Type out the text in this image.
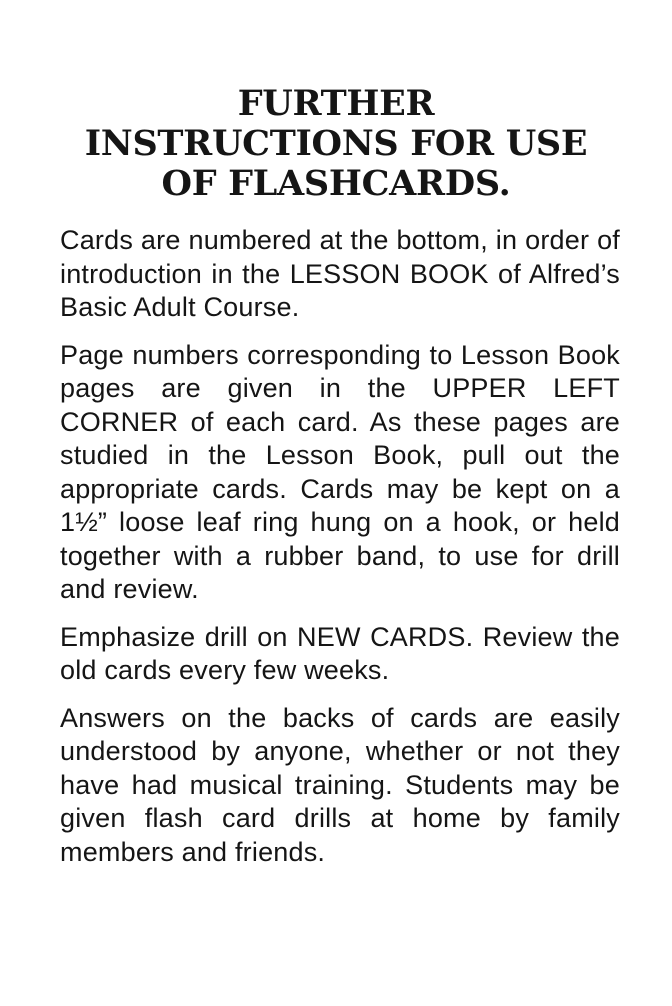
FURTHER
INSTRUCTIONS FOR USE
OF FLASHCARDS.

Cards are numbered at the bottom, in order of introduction in the LESSON BOOK of Alfred’s Basic Adult Course.

Page numbers corresponding to Lesson Book pages are given in the UPPER LEFT CORNER of each card. As these pages are studied in the Lesson Book, pull out the appropriate cards. Cards may be kept on a 1½” loose leaf ring hung on a hook, or held together with a rubber band, to use for drill and review.

Emphasize drill on NEW CARDS. Review the old cards every few weeks.

Answers on the backs of cards are easily understood by anyone, whether or not they have had musical training. Students may be given flash card drills at home by family members and friends.
